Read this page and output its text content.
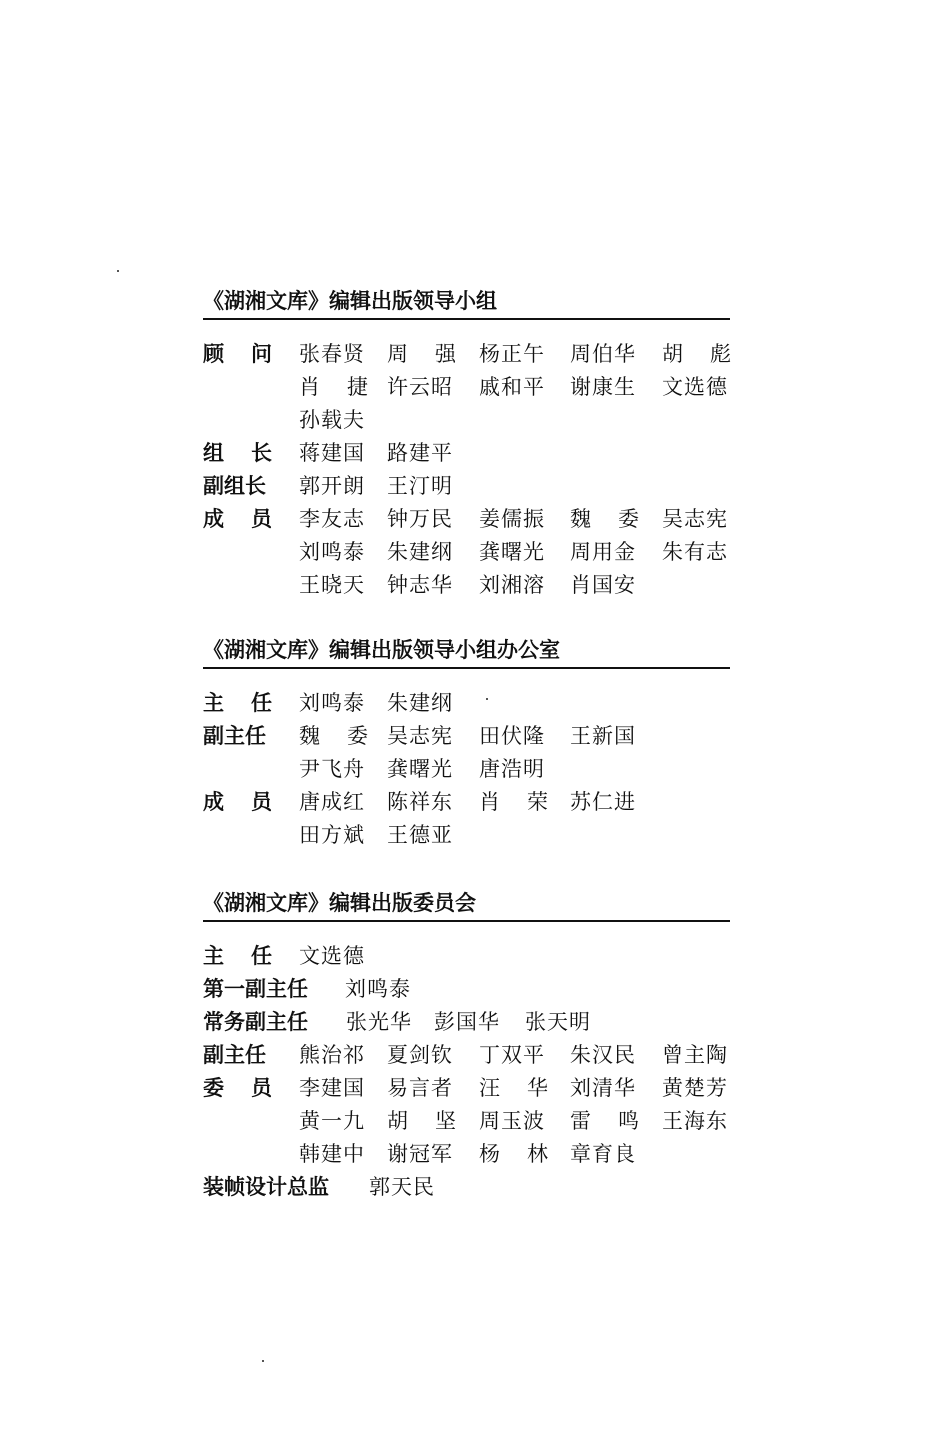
《湖湘文库》编辑出版领导小组
顾问 张春贤 周强
杨正午 周伯华 胡彪
肖捷
许云昭 戚和平 谢康生 文选德
孙载夫
组长 蒋建国 路建平
副组长 郭开朗 王汀明
成员 李友志 钟万民 姜儒振 魏委
吴志宪
刘鸣泰 朱建纲 龚曙光 周用金 朱有志
王晓天 钟志华 刘湘溶 肖国安
《湖湘文库》编辑出版领导小组办公室
主任 刘鸣泰 朱建纲
副主任 魏委
吴志宪 田伏隆 王新国
尹飞舟 龚曙光 唐浩明
成员 唐成红 陈祥东 肖荣
苏仁进
田方斌 王德亚
《湖湘文库》编辑出版委员会
主任 文选德
第一副主任 刘鸣泰
常务副主任 张光华 彭国华 张天明
副主任 熊治祁 夏剑钦 丁双平 朱汉民 曾主陶
委员 李建国 易言者 汪华
刘清华 黄楚芳
黄一九 胡坚
周玉波 雷鸣
王海东
韩建中 谢冠军 杨林
章育良
装帧设计总监 郭天民
